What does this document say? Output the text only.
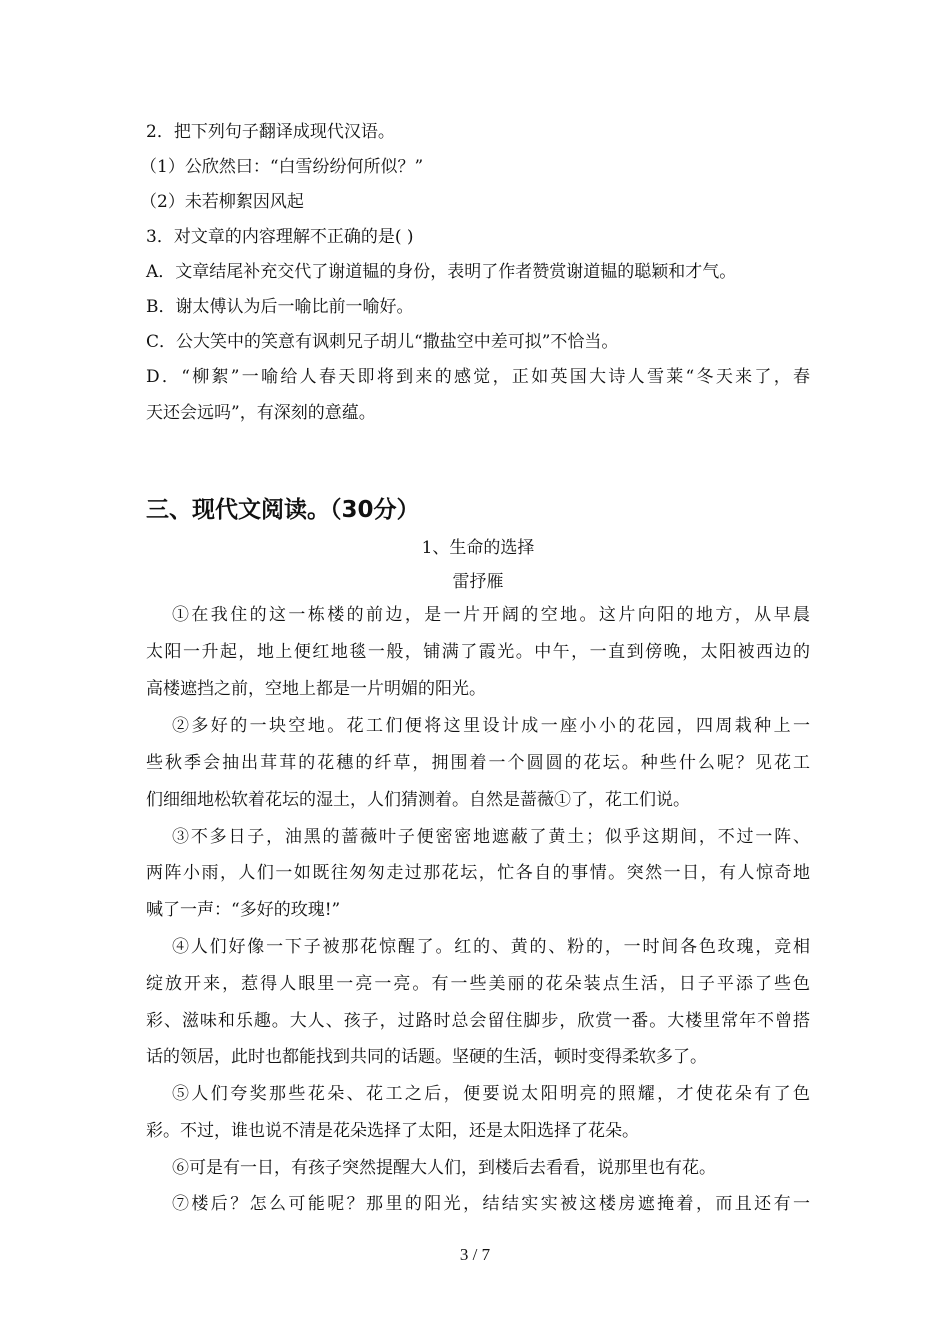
2．把下列句子翻译成现代汉语。
（1）公欣然曰：“白雪纷纷何所似？”
（2）未若柳絮因风起
3．对文章的内容理解不正确的是( )
A．文章结尾补充交代了谢道韫的身份，表明了作者赞赏谢道韫的聪颖和才气。
B．谢太傅认为后一喻比前一喻好。
C．公大笑中的笑意有讽刺兄子胡儿“撒盐空中差可拟”不恰当。
D．“柳絮”一喻给人春天即将到来的感觉，正如英国大诗人雪莱“冬天来了，春
天还会远吗”，有深刻的意蕴。
三、现代文阅读。（30分）
1、生命的选择
雷抒雁
①在我住的这一栋楼的前边，是一片开阔的空地。这片向阳的地方，从早晨
太阳一升起，地上便红地毯一般，铺满了霞光。中午，一直到傍晚，太阳被西边的
高楼遮挡之前，空地上都是一片明媚的阳光。
②多好的一块空地。花工们便将这里设计成一座小小的花园，四周栽种上一
些秋季会抽出茸茸的花穗的纤草，拥围着一个圆圆的花坛。种些什么呢？见花工
们细细地松软着花坛的湿土，人们猜测着。自然是蔷薇①了，花工们说。
③不多日子，油黑的蔷薇叶子便密密地遮蔽了黄土；似乎这期间，不过一阵、
两阵小雨，人们一如既往匆匆走过那花坛，忙各自的事情。突然一日，有人惊奇地
喊了一声：“多好的玫瑰!”
④人们好像一下子被那花惊醒了。红的、黄的、粉的，一时间各色玫瑰，竞相
绽放开来，惹得人眼里一亮一亮。有一些美丽的花朵装点生活，日子平添了些色
彩、滋味和乐趣。大人、孩子，过路时总会留住脚步，欣赏一番。大楼里常年不曾搭
话的领居，此时也都能找到共同的话题。坚硬的生活，顿时变得柔软多了。
⑤人们夸奖那些花朵、花工之后，便要说太阳明亮的照耀，才使花朵有了色
彩。不过，谁也说不清是花朵选择了太阳，还是太阳选择了花朵。
⑥可是有一日，有孩子突然提醒大人们，到楼后去看看，说那里也有花。
⑦楼后？怎么可能呢？那里的阳光，结结实实被这楼房遮掩着，而且还有一
3 / 7
